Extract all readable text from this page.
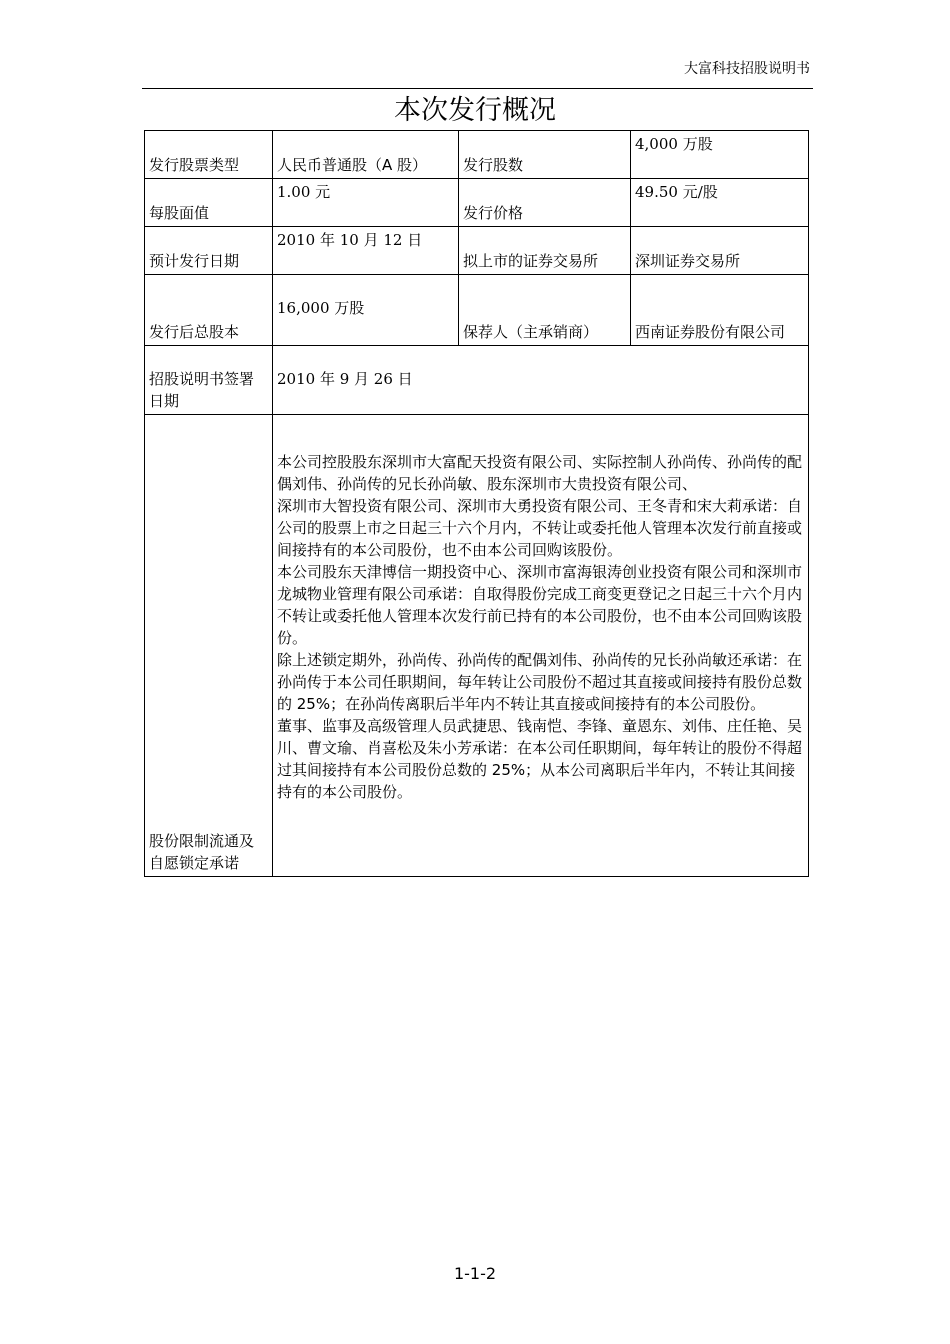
大富科技招股说明书
本次发行概况
发行股票类型	人民币普通股（A 股）	发行股数	4,000 万股
每股面值	1.00 元	发行价格	49.50 元/股
预计发行日期	2010 年 10 月 12 日	拟上市的证券交易所	深圳证券交易所
发行后总股本	16,000 万股	保荐人（主承销商）	西南证券股份有限公司
招股说明书签署日期	2010 年 9 月 26 日		
股份限制流通及自愿锁定承诺	本公司控股股东深圳市大富配天投资有限公司、实际控制人孙尚传、孙尚传的配偶刘伟、孙尚传的兄长孙尚敏、股东深圳市大贵投资有限公司、
深圳市大智投资有限公司、深圳市大勇投资有限公司、王冬青和宋大莉承诺：自公司的股票上市之日起三十六个月内，不转让或委托他人管理本次发行前直接或间接持有的本公司股份，也不由本公司回购该股份。
本公司股东天津博信一期投资中心、深圳市富海银涛创业投资有限公司和深圳市龙城物业管理有限公司承诺：自取得股份完成工商变更登记之日起三十六个月内不转让或委托他人管理本次发行前已持有的本公司股份，也不由本公司回购该股份。
除上述锁定期外，孙尚传、孙尚传的配偶刘伟、孙尚传的兄长孙尚敏还承诺：在孙尚传于本公司任职期间，每年转让公司股份不超过其直接或间接持有股份总数的 25%；在孙尚传离职后半年内不转让其直接或间接持有的本公司股份。
董事、监事及高级管理人员武捷思、钱南恺、李锋、童恩东、刘伟、庄任艳、吴川、曹文瑜、肖喜松及朱小芳承诺：在本公司任职期间，每年转让的股份不得超过其间接持有本公司股份总数的 25%；从本公司离职后半年内，不转让其间接持有的本公司股份。		
1-1-2
